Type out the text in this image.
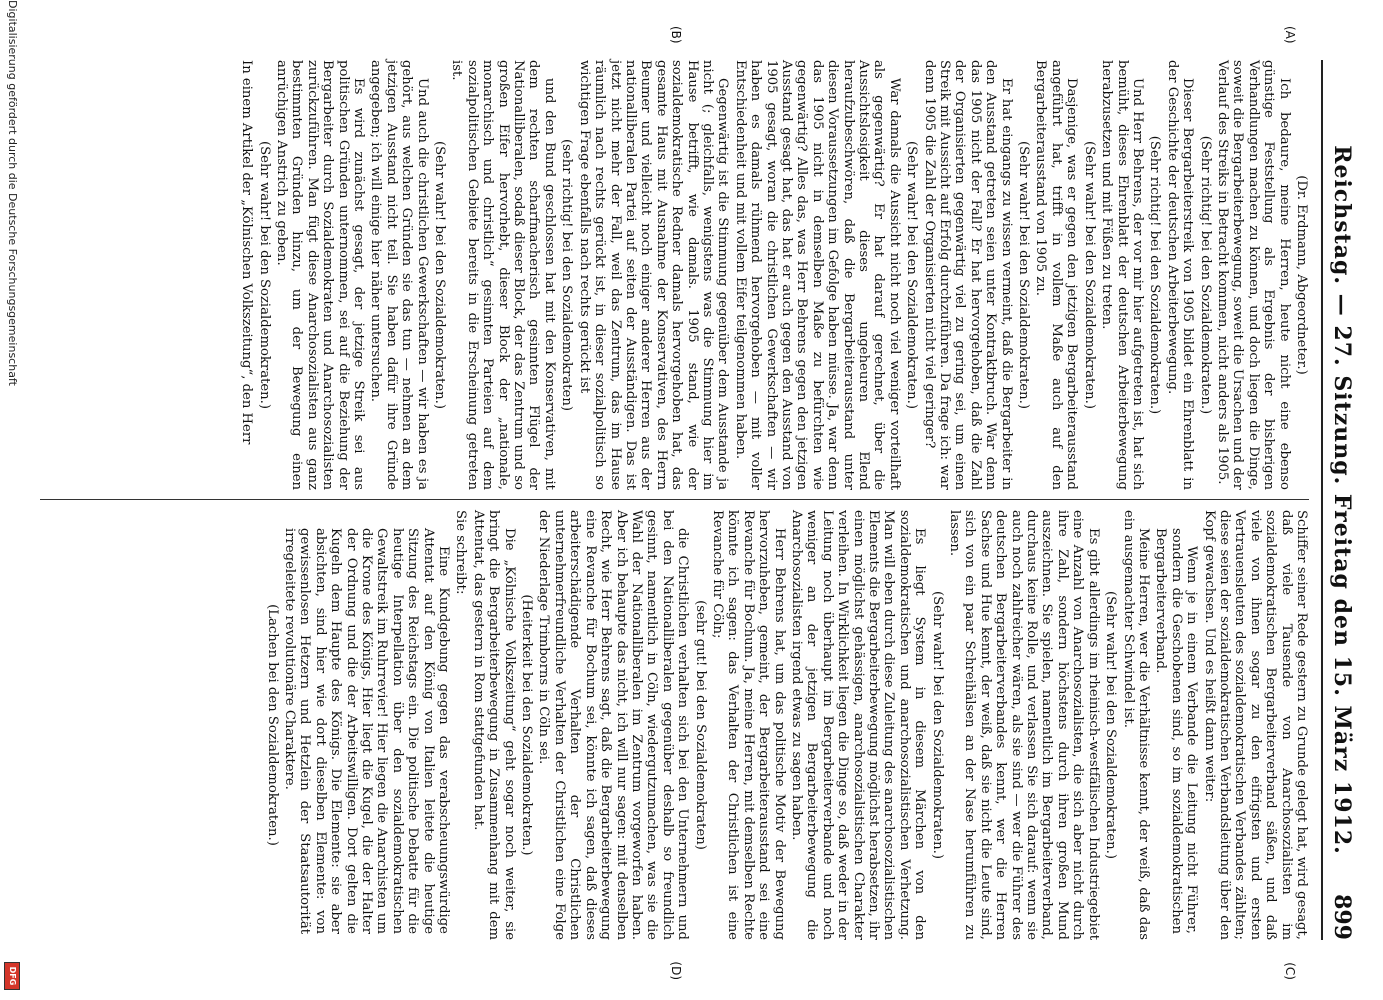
Reichstag. — 27. Sitzung. Freitag den 15. März 1912.
899
(A)
(B)
(C)
(D)

(Dr. Erdmann, Abgeordneter.)

Ich bedaure, meine Herren, heute nicht eine ebenso günstige Feststellung als Ergebnis der bisherigen Verhandlungen machen zu können, und doch liegen die Dinge, soweit die Bergarbeiterbewegung, soweit die Ursachen und der Verlauf des Streiks in Betracht kommen, nicht anders als 1905.

(Sehr richtig! bei den Sozialdemokraten.)

Dieser Bergarbeiterstreik von 1905 bildet ein Ehrenblatt in der Geschichte der deutschen Arbeiterbewegung.

(Sehr richtig! bei den Sozialdemokraten.)

Und Herr Behrens, der vor mir hier aufgetreten ist, hat sich bemüht, dieses Ehrenblatt der deutschen Arbeiterbewegung herabzusetzen und mit Füßen zu treten.

(Sehr wahr! bei den Sozialdemokraten.)

Dasjenige, was er gegen den jetzigen Bergarbeiterausstand angeführt hat, trifft in vollem Maße auch auf den Bergarbeiterausstand von 1905 zu.

(Sehr wahr! bei den Sozialdemokraten.)

Er hat eingangs zu wissen vermeint, daß die Bergarbeiter in den Ausstand getreten seien unter Kontraktbruch. War denn das 1905 nicht der Fall? Er hat hervorgehoben, daß die Zahl der Organisierten gegenwärtig viel zu gering sei, um einen Streik mit Aussicht auf Erfolg durchzuführen. Da frage ich: war denn 1905 die Zahl der Organisierten nicht viel geringer?

(Sehr wahr! bei den Sozialdemokraten.)

War damals die Aussicht nicht noch viel weniger vorteilhaft als gegenwärtig? Er hat darauf gerechnet, über die Aussichtslosigkeit dieses ungeheuren Elend heraufzubeschwören, daß die Bergarbeiterausstand unter diesen Voraussetzungen im Gefolge haben müsse. Ja, war denn das 1905 nicht in demselben Maße zu befürchten wie gegenwärtig? Alles das, was Herr Behrens gegen den jetzigen Ausstand gesagt hat, das hat er auch gegen den Ausstand von 1905 gesagt, woran die christlichen Gewerkschaften — wir haben es damals rühmend hervorgehoben — mit voller Entschiedenheit und mit vollem Eifer teilgenommen haben.

Gegenwärtig ist die Stimmung gegenüber dem Ausstande ja nicht (; gleichfalls, wenigstens was die Stimmung hier im Hause betrifft, wie damals. 1905 stand, wie der sozialdemokratische Redner damals hervorgehoben hat, das gesamte Haus mit Ausnahme der Konservativen, des Herrn Beumer und vielleicht noch einiger anderer Herren aus der nationalliberalen Partei auf seiten der Ausständigen. Das ist jetzt nicht mehr der Fall, weil das Zentrum, das im Hause räumlich nach rechts gerückt ist, in dieser sozialpolitisch so wichtigen Frage ebenfalls nach rechts gerückt ist

(sehr richtig! bei den Sozialdemokraten)

und den Bund geschlossen hat mit den Konservativen, mit dem rechten scharfmacherisch gesinnten Flügel der Nationalliberalen, sodaß dieser Block, der das Zentrum und so großen Eifer hervorhebt, dieser Block der „nationale, monarchisch und christlich“ gesinnten Parteien auf dem sozialpolitischen Gebiete bereits in die Erscheinung getreten ist.

(Sehr wahr! bei den Sozialdemokraten.)

Und auch die christlichen Gewerkschaften — wir haben es ja gehört, aus welchen Gründen sie das tun — nehmen an dem jetzigen Ausstand nicht teil. Sie haben dafür ihre Gründe angegeben; ich will einige hier näher untersuchen.

Es wird zunächst gesagt, der jetzige Streik sei aus politischen Gründen unternommen, sei auf die Beziehung der Bergarbeiter durch Sozialdemokraten und Anarchosozialisten zurückzuführen. Man fügt diese Anarchosozialisten aus ganz bestimmten Gründen hinzu, um der Bewegung einen anrüchigen Anstrich zu geben.

(Sehr wahr! bei den Sozialdemokraten.)

In einem Artikel der „Kölnischen Volkszeitung“, den Herr

Schiffer seiner Rede gestern zu Grunde gelegt hat, wird gesagt, daß viele Tausende von Anarchosozialisten im sozialdemokratischen Bergarbeiterverband säßen, und daß viele von ihnen sogar zu den eifrigsten und ersten Vertrauensleuten des sozialdemokratischen Verbandes zählten; diese seien der sozialdemokratischen Verbandsleitung über den Kopf gewachsen. Und es heißt dann weiter:

Wenn je in einem Verbande die Leitung nicht Führer, sondern die Geschobenen sind, so im sozialdemokratischen Bergarbeiterverband.

Meine Herren, wer die Verhältnisse kennt, der weiß, daß das ein ausgemachter Schwindel ist.

(Sehr wahr! bei den Sozialdemokraten.)

Es gibt allerdings im rheinisch-westfälischen Industriegebiet eine Anzahl von Anarchosozialisten, die sich aber nicht durch ihre Zahl, sondern höchstens durch ihren großen Mund auszeichnen. Sie spielen, namentlich im Bergarbeiterverband, durchaus keine Rolle, und verlassen Sie sich darauf: wenn sie auch noch zahlreicher wären, als sie sind — wer die Führer des deutschen Bergarbeiterverbandes kennt, wer die Herren Sachse und Hue kennt, der weiß, daß sie nicht die Leute sind, sich von ein paar Schreihälsen an der Nase herumführen zu lassen.

(Sehr wahr! bei den Sozialdemokraten.)

Es liegt System in diesem Märchen von den sozialdemokratischen und anarchosozialistischen Verhetzung. Man will eben durch diese Zuleitung des anarchosozialistischen Elements die Bergarbeiterbewegung möglichst herabsetzen, ihr einen möglichst gehässigen, anarchosozialistischen Charakter verleihen. In Wirklichkeit liegen die Dinge so, daß weder in der Leitung noch überhaupt im Bergarbeiterverbande und noch weniger an der jetzigen Bergarbeiterbewegung die Anarchosozialisten irgend etwas zu sagen haben.

Herr Behrens hat, um das politische Motiv der Bewegung hervorzuheben, gemeint, der Bergarbeiterausstand sei eine Revanche für Bochum. Ja, meine Herren, mit demselben Rechte könnte ich sagen: das Verhalten der Christlichen ist eine Revanche für Cöln;

(sehr gut! bei den Sozialdemokraten)

die Christlichen verhalten sich bei den Unternehmern und bei den Nationalliberalen gegenüber deshalb so freundlich gesinnt, namentlich in Cöln, wiedergutzumachen, was sie die Wahl der Nationalliberalen im Zentrum vorgeworfen haben. Aber ich behaupte das nicht, ich will nur sagen: mit denselben Recht, wie Herr Behrens sagt, daß die Bergarbeiterbewegung eine Revanche für Bochum sei, könnte ich sagen, daß dieses arbeiterschädigende Verhalten der Christlichen unternehmerfreundliche Verhalten der Christlichen eine Folge der Niederlage Trimborns in Cöln sei.

(Heiterkeit bei den Sozialdemokraten.)

Die „Kölnische Volkszeitung“ geht sogar noch weiter, sie bringt die Bergarbeiterbewegung in Zusammenhang mit dem Attentat, das gestern in Rom stattgefunden hat.

Sie schreibt:

Eine Kundgebung gegen das verabscheuungswürdige Attentat auf den König von Italien leitete die heutige Sitzung des Reichstags ein. Die politische Debatte für die heutige Interpellation über den sozialdemokratischen Gewaltstreik im Ruhrrevier! Hier liegen die Anarchisten um die Krone des Königs, Hier liegt die Kugel, die der Halter der Ordnung und die der Arbeitswilligen. Dort gelten die Kugeln dem Haupte des Königs. Die Elemente: sie aber absichten, sind hier wie dort dieselben Elemente: von gewissenlosen Hetzern und Hetzlein der Staatsautorität irregeleitete revolutionäre Charaktere.

(Lachen bei den Sozialdemokraten.)

Digitalisierung gefördert durch die Deutsche Forschungsgemeinschaft
DFG
